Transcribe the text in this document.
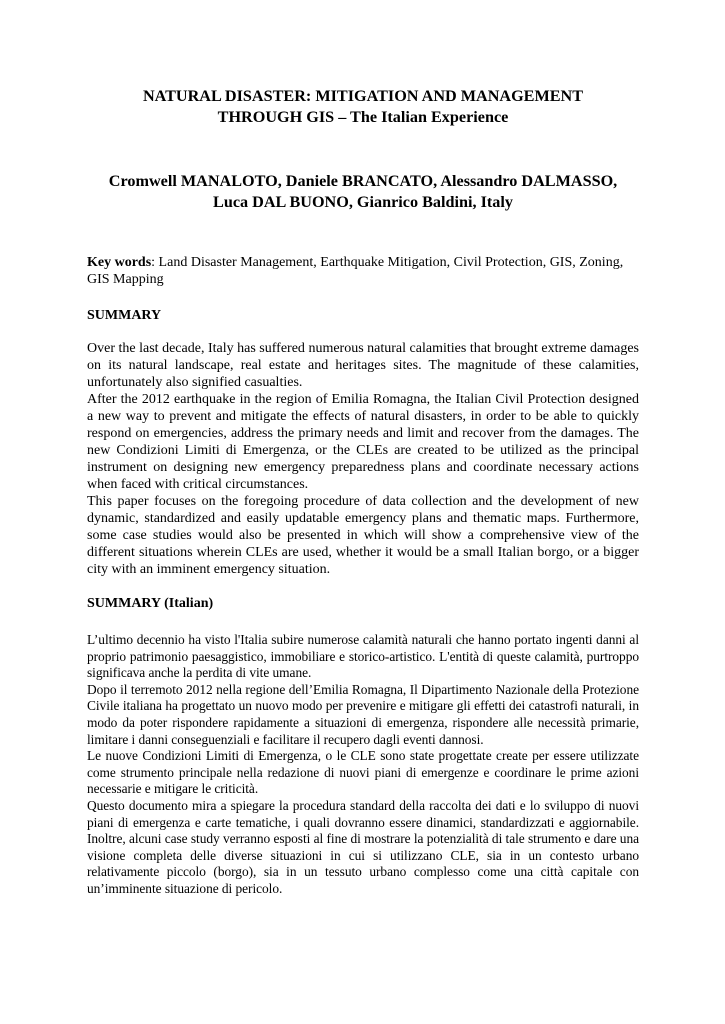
NATURAL DISASTER: MITIGATION AND MANAGEMENT
THROUGH GIS – The Italian Experience
Cromwell MANALOTO, Daniele BRANCATO, Alessandro DALMASSO,
Luca DAL BUONO, Gianrico Baldini, Italy

Key words: Land Disaster Management, Earthquake Mitigation, Civil Protection, GIS, Zoning, GIS Mapping

SUMMARY

Over the last decade, Italy has suffered numerous natural calamities that brought extreme damages on its natural landscape, real estate and heritages sites. The magnitude of these calamities, unfortunately also signified casualties.

After the 2012 earthquake in the region of Emilia Romagna, the Italian Civil Protection designed a new way to prevent and mitigate the effects of natural disasters, in order to be able to quickly respond on emergencies, address the primary needs and limit and recover from the damages. The new Condizioni Limiti di Emergenza, or the CLEs are created to be utilized as the principal instrument on designing new emergency preparedness plans and coordinate necessary actions when faced with critical circumstances.

This paper focuses on the foregoing procedure of data collection and the development of new dynamic, standardized and easily updatable emergency plans and thematic maps. Furthermore, some case studies would also be presented in which will show a comprehensive view of the different situations wherein CLEs are used, whether it would be a small Italian borgo, or a bigger city with an imminent emergency situation.

SUMMARY (Italian)

L’ultimo decennio ha visto l'Italia subire numerose calamità naturali che hanno portato ingenti danni al proprio patrimonio paesaggistico, immobiliare e storico-artistico. L'entità di queste calamità, purtroppo significava anche la perdita di vite umane.

Dopo il terremoto 2012 nella regione dell’Emilia Romagna, Il Dipartimento Nazionale della Protezione Civile italiana ha progettato un nuovo modo per prevenire e mitigare gli effetti dei catastrofi naturali, in modo da poter rispondere rapidamente a situazioni di emergenza, rispondere alle necessità primarie, limitare i danni conseguenziali e facilitare il recupero dagli eventi dannosi.

Le nuove Condizioni Limiti di Emergenza, o le CLE sono state progettate create per essere utilizzate come strumento principale nella redazione di nuovi piani di emergenze e coordinare le prime azioni necessarie e mitigare le criticità.

Questo documento mira a spiegare la procedura standard della raccolta dei dati e lo sviluppo di nuovi piani di emergenza e carte tematiche, i quali dovranno essere dinamici, standardizzati e aggiornabile. Inoltre, alcuni case study verranno esposti al fine di mostrare la potenzialità di tale strumento e dare una visione completa delle diverse situazioni in cui si utilizzano CLE, sia in un contesto urbano relativamente piccolo (borgo), sia in un tessuto urbano complesso come una città capitale con un’imminente situazione di pericolo.
